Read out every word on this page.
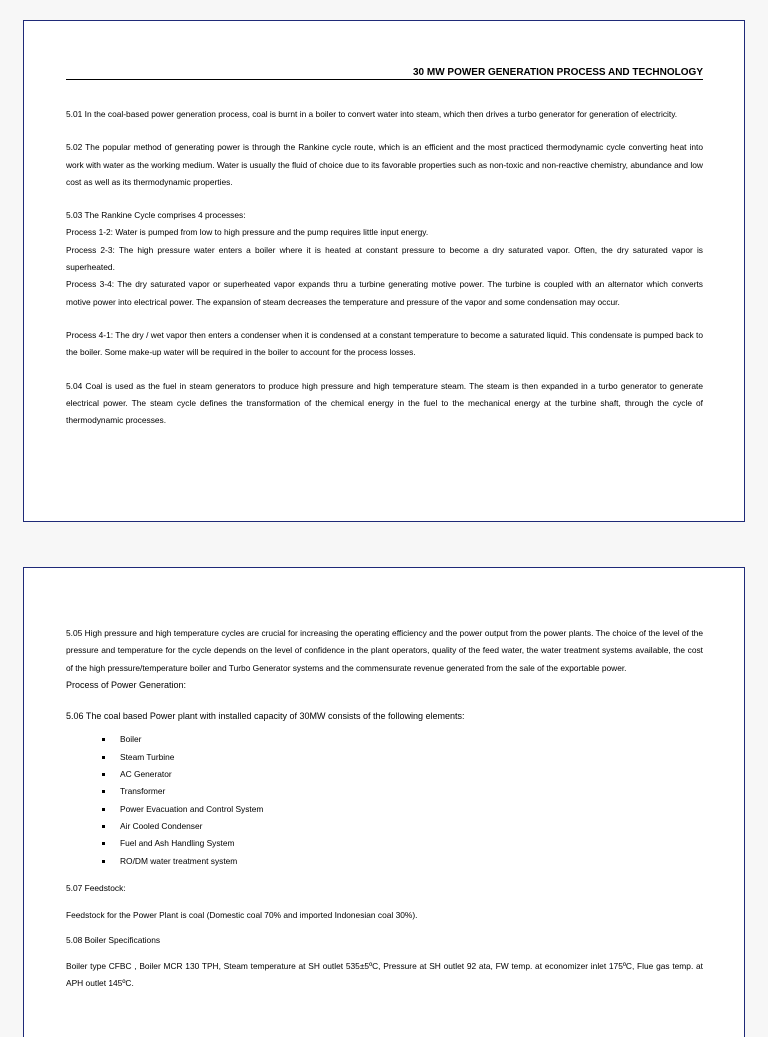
30 MW POWER GENERATION PROCESS AND TECHNOLOGY

5.01 In the coal-based power generation process, coal is burnt in a boiler to convert water into steam, which then drives a turbo generator for generation of electricity.

5.02 The popular method of generating power is through the Rankine cycle route, which is an efficient and the most practiced thermodynamic cycle converting heat into work with water as the working medium. Water is usually the fluid of choice due to its favorable properties such as non-toxic and non-reactive chemistry, abundance and low cost as well as its thermodynamic properties.

5.03 The Rankine Cycle comprises 4 processes:

Process 1-2: Water is pumped from low to high pressure and the pump requires little input energy.

Process 2-3: The high pressure water enters a boiler where it is heated at constant pressure to become a dry saturated vapor. Often, the dry saturated vapor is superheated.

Process 3-4: The dry saturated vapor or superheated vapor expands thru a turbine generating motive power. The turbine is coupled with an alternator which converts motive power into electrical power. The expansion of steam decreases the temperature and pressure of the vapor and some condensation may occur.

Process 4-1: The dry / wet vapor then enters a condenser when it is condensed at a constant temperature to become a saturated liquid. This condensate is pumped back to the boiler. Some make-up water will be required in the boiler to account for the process losses.

5.04 Coal is used as the fuel in steam generators to produce high pressure and high temperature steam. The steam is then expanded in a turbo generator to generate electrical power. The steam cycle defines the transformation of the chemical energy in the fuel to the mechanical energy at the turbine shaft, through the cycle of thermodynamic processes.

5.05 High pressure and high temperature cycles are crucial for increasing the operating efficiency and the power output from the power plants. The choice of the level of the pressure and temperature for the cycle depends on the level of confidence in the plant operators, quality of the feed water, the water treatment systems available, the cost of the high pressure/temperature boiler and Turbo Generator systems and the commensurate revenue generated from the sale of the exportable power.

Process of Power Generation:

5.06 The coal based Power plant with installed capacity of 30MW consists of the following elements:

Boiler
Steam Turbine
AC Generator
Transformer
Power Evacuation and Control System
Air Cooled Condenser
Fuel and Ash Handling System
RO/DM water treatment system

5.07 Feedstock:

Feedstock for the Power Plant is coal (Domestic coal 70% and imported Indonesian coal 30%).

5.08 Boiler Specifications

Boiler type CFBC , Boiler MCR 130 TPH, Steam temperature at SH outlet 535±5ºC, Pressure at SH outlet 92 ata, FW temp. at economizer inlet 175ºC, Flue gas temp. at APH outlet 145ºC.
